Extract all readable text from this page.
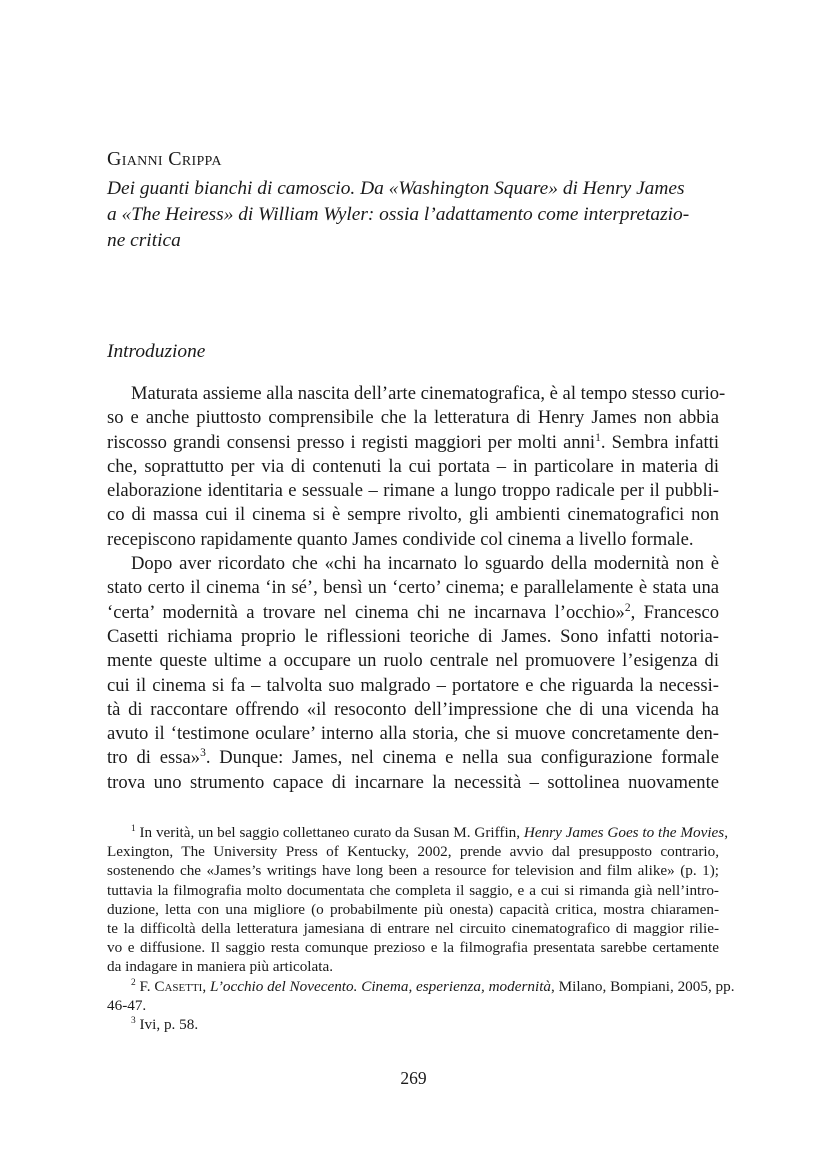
Gianni Crippa
Dei guanti bianchi di camoscio. Da «Washington Square» di Henry James
a «The Heiress» di William Wyler: ossia l’adattamento come interpretazio-
ne critica
Introduzione
Maturata assieme alla nascita dell’arte cinematografica, è al tempo stesso curio-
so e anche piuttosto comprensibile che la letteratura di Henry James non abbia
riscosso grandi consensi presso i registi maggiori per molti anni$^1$. Sembra infatti
che, soprattutto per via di contenuti la cui portata – in particolare in materia di
elaborazione identitaria e sessuale – rimane a lungo troppo radicale per il pubbli-
co di massa cui il cinema si è sempre rivolto, gli ambienti cinematografici non
recepiscono rapidamente quanto James condivide col cinema a livello formale.
Dopo aver ricordato che «chi ha incarnato lo sguardo della modernità non è
stato certo il cinema ‘in sé’, bensì un ‘certo’ cinema; e parallelamente è stata una
‘certa’ modernità a trovare nel cinema chi ne incarnava l’occhio»$^2$, Francesco
Casetti richiama proprio le riflessioni teoriche di James. Sono infatti notoria-
mente queste ultime a occupare un ruolo centrale nel promuovere l’esigenza di
cui il cinema si fa – talvolta suo malgrado – portatore e che riguarda la necessi-
tà di raccontare offrendo «il resoconto dell’impressione che di una vicenda ha
avuto il ‘testimone oculare’ interno alla storia, che si muove concretamente den-
tro di essa»$^3$. Dunque: James, nel cinema e nella sua configurazione formale
trova uno strumento capace di incarnare la necessità – sottolinea nuovamente
$^1$ In verità, un bel saggio collettaneo curato da Susan M. Griffin, Henry James Goes to the Movies,
Lexington, The University Press of Kentucky, 2002, prende avvio dal presupposto contrario,
sostenendo che «James’s writings have long been a resource for television and film alike» (p. 1);
tuttavia la filmografia molto documentata che completa il saggio, e a cui si rimanda già nell’intro-
duzione, letta con una migliore (o probabilmente più onesta) capacità critica, mostra chiaramen-
te la difficoltà della letteratura jamesiana di entrare nel circuito cinematografico di maggior rilie-
vo e diffusione. Il saggio resta comunque prezioso e la filmografia presentata sarebbe certamente
da indagare in maniera più articolata.
$^2$ F. Casetti, L’occhio del Novecento. Cinema, esperienza, modernità, Milano, Bompiani, 2005, pp.
46-47.
$^3$ Ivi, p. 58.
269
